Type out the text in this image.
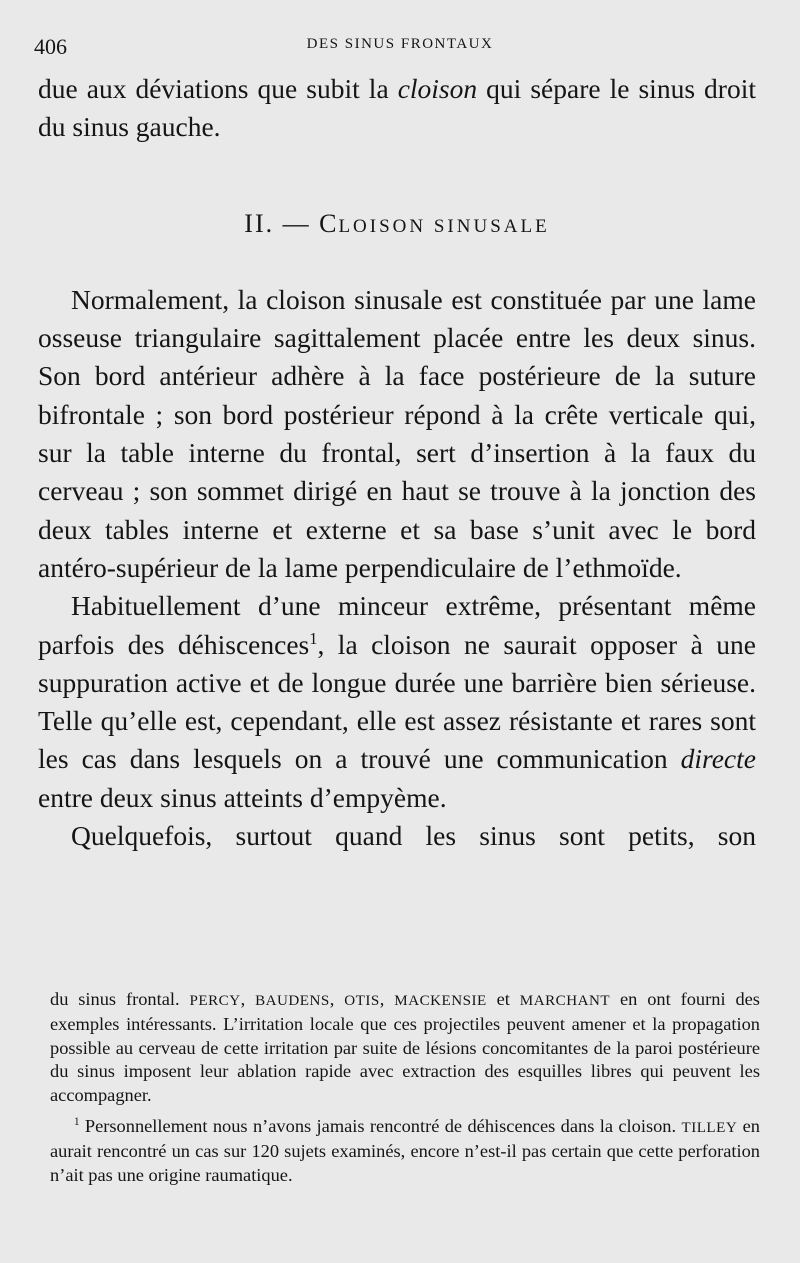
406	DES SINUS FRONTAUX

due aux déviations que subit la cloison qui sépare le sinus droit du sinus gauche.

II. — CLOISON SINUSALE

Normalement, la cloison sinusale est constituée par une lame osseuse triangulaire sagittalement placée entre les deux sinus. Son bord antérieur adhère à la face postérieure de la suture bifrontale ; son bord postérieur répond à la crête verticale qui, sur la table interne du frontal, sert d’insertion à la faux du cerveau ; son sommet dirigé en haut se trouve à la jonction des deux tables interne et externe et sa base s’unit avec le bord antéro-supérieur de la lame perpendiculaire de l’ethmoïde.

Habituellement d’une minceur extrême, présentant même parfois des déhiscences$^1$, la cloison ne saurait opposer à une suppuration active et de longue durée une barrière bien sérieuse. Telle qu’elle est, cependant, elle est assez résistante et rares sont les cas dans lesquels on a trouvé une communication directe entre deux sinus atteints d’empyème.

Quelquefois, surtout quand les sinus sont petits, son

du sinus frontal. PERCY, BAUDENS, OTIS, MACKENSIE et MARCHANT en ont fourni des exemples intéressants. L’irritation locale que ces projectiles peuvent amener et la propagation possible au cerveau de cette irritation par suite de lésions concomitantes de la paroi postérieure du sinus imposent leur ablation rapide avec extraction des esquilles libres qui peuvent les accompagner.

$^1$ Personnellement nous n’avons jamais rencontré de déhiscences dans la cloison. TILLEY en aurait rencontré un cas sur 120 sujets examinés, encore n’est-il pas certain que cette perforation n’ait pas une origine raumatique.
